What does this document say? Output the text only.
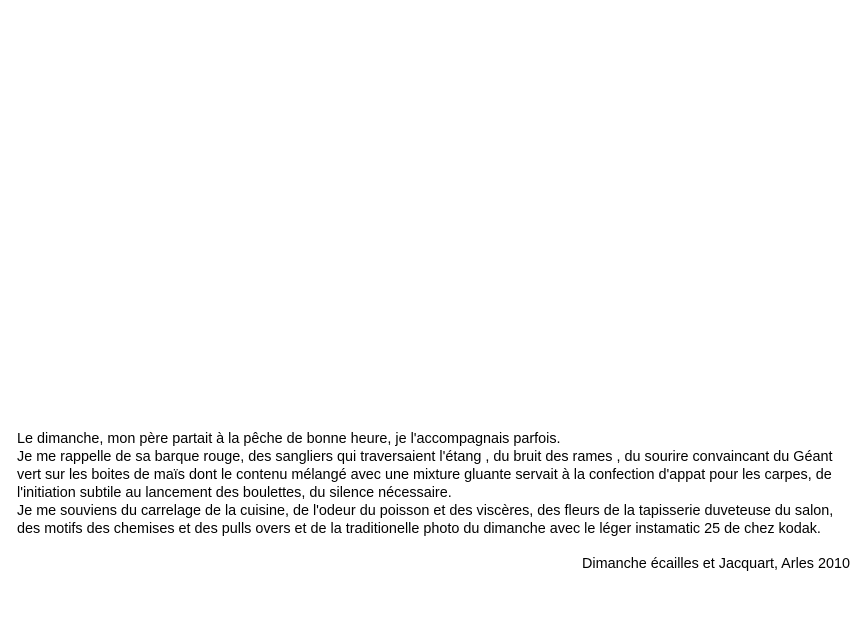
Le dimanche, mon père partait à la pêche de bonne heure, je l'accompagnais parfois.
Je me rappelle de sa barque rouge, des sangliers qui traversaient l'étang , du bruit des rames , du sourire convaincant du Géant
vert sur les boites de maïs dont le contenu mélangé avec une mixture gluante servait à la confection d'appat pour les carpes, de
l'initiation subtile au lancement des boulettes, du silence nécessaire.
Je me souviens du carrelage de la cuisine, de l'odeur du poisson et des viscères, des fleurs de la tapisserie duveteuse du salon,
des motifs des chemises et des pulls overs et de la traditionelle photo du dimanche avec le léger instamatic 25 de chez kodak.
Dimanche écailles et Jacquart, Arles 2010
